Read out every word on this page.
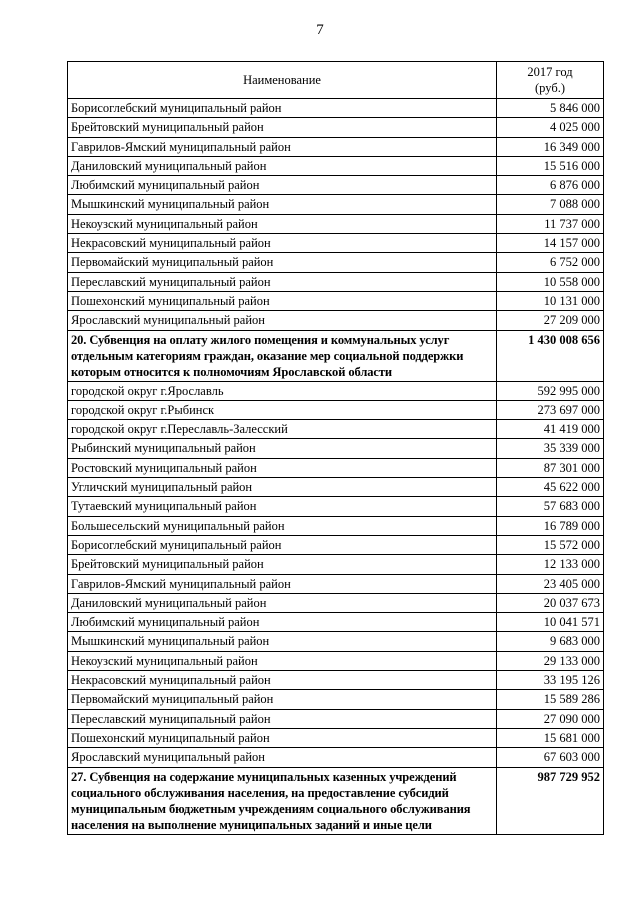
7
Наименование	2017 год
(руб.)
Борисоглебский муниципальный район	5 846 000
Брейтовский муниципальный район	4 025 000
Гаврилов-Ямский муниципальный район	16 349 000
Даниловский муниципальный район	15 516 000
Любимский муниципальный район	6 876 000
Мышкинский муниципальный район	7 088 000
Некоузский муниципальный район	11 737 000
Некрасовский муниципальный район	14 157 000
Первомайский муниципальный район	6 752 000
Переславский муниципальный район	10 558 000
Пошехонский муниципальный район	10 131 000
Ярославский муниципальный район	27 209 000
20. Субвенция на оплату жилого помещения и коммунальных услуг
отдельным категориям граждан, оказание мер социальной поддержки
которым относится к полномочиям Ярославской области	1 430 008 656
городской округ г.Ярославль	592 995 000
городской округ г.Рыбинск	273 697 000
городской округ г.Переславль-Залесский	41 419 000
Рыбинский муниципальный район	35 339 000
Ростовский муниципальный район	87 301 000
Угличский муниципальный район	45 622 000
Тутаевский муниципальный район	57 683 000
Большесельский муниципальный район	16 789 000
Борисоглебский муниципальный район	15 572 000
Брейтовский муниципальный район	12 133 000
Гаврилов-Ямский муниципальный район	23 405 000
Даниловский муниципальный район	20 037 673
Любимский муниципальный район	10 041 571
Мышкинский муниципальный район	9 683 000
Некоузский муниципальный район	29 133 000
Некрасовский муниципальный район	33 195 126
Первомайский муниципальный район	15 589 286
Переславский муниципальный район	27 090 000
Пошехонский муниципальный район	15 681 000
Ярославский муниципальный район	67 603 000
27. Субвенция на содержание муниципальных казенных учреждений
социального обслуживания населения, на предоставление субсидий
муниципальным бюджетным учреждениям социального обслуживания
населения на выполнение муниципальных заданий и иные цели	987 729 952
